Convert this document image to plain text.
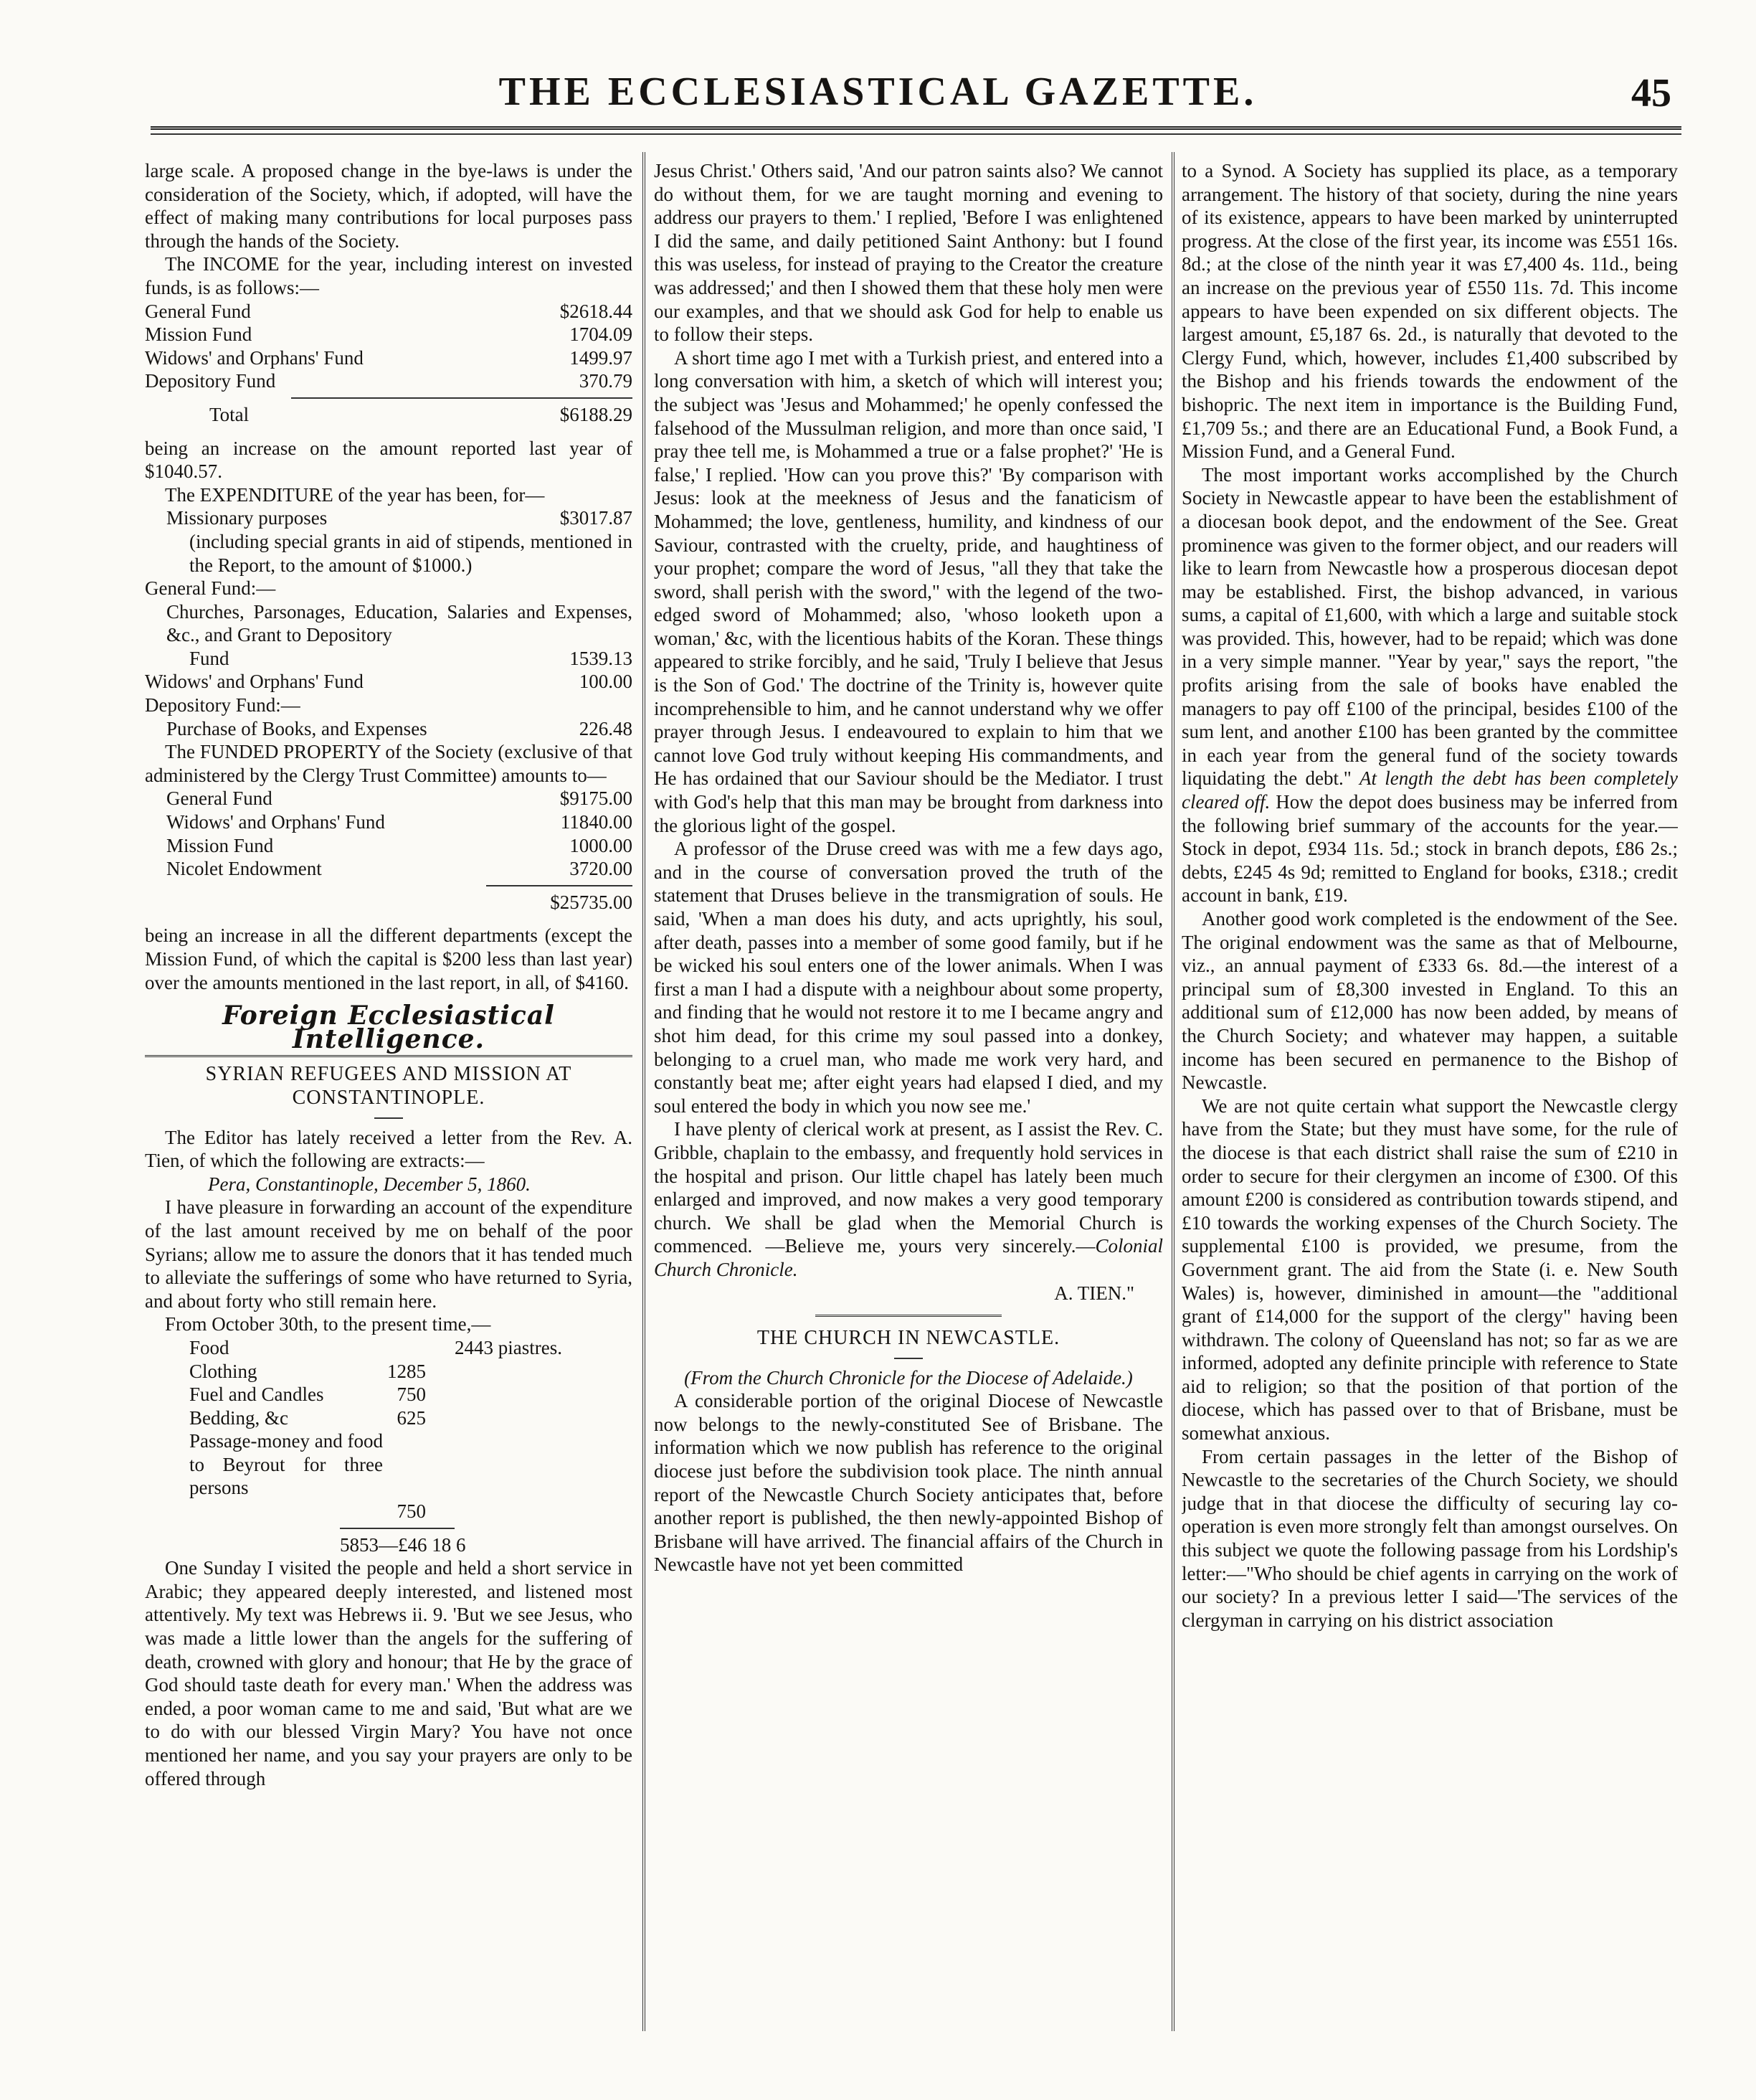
THE ECCLESIASTICAL GAZETTE.	45

large scale. A proposed change in the bye-laws is under the consideration of the Society, which, if adopted, will have the effect of making many contributions for local purposes pass through the hands of the Society.

The INCOME for the year, including interest on invested funds, is as follows:—

General Fund	$2618.44
Mission Fund	1704.09
Widows' and Orphans' Fund	1499.97
Depository Fund	370.79
Total	$6188.29

being an increase on the amount reported last year of $1040.57.

The EXPENDITURE of the year has been, for—

Missionary purposes	$3017.87
(including special grants in aid of stipends, mentioned in the Report, to the amount of $1000.)
General Fund:—
Churches, Parsonages, Education, Salaries and Expenses, &c., and Grant to Depository
Fund	1539.13
Widows' and Orphans' Fund	100.00
Depository Fund:—
Purchase of Books, and Expenses	226.48

The FUNDED PROPERTY of the Society (exclusive of that administered by the Clergy Trust Committee) amounts to—

General Fund	$9175.00
Widows' and Orphans' Fund	11840.00
Mission Fund	1000.00
Nicolet Endowment	3720.00
$25735.00

being an increase in all the different departments (except the Mission Fund, of which the capital is $200 less than last year) over the amounts mentioned in the last report, in all, of $4160.

Foreign Ecclesiastical Intelligence.
SYRIAN REFUGEES AND MISSION AT CONSTANTINOPLE.

The Editor has lately received a letter from the Rev. A. Tien, of which the following are extracts:—

Pera, Constantinople, December 5, 1860.

I have pleasure in forwarding an account of the expenditure of the last amount received by me on behalf of the poor Syrians; allow me to assure the donors that it has tended much to alleviate the sufferings of some who have returned to Syria, and about forty who still remain here.

From October 30th, to the present time,—

Food	2443 piastres.
Clothing	1285
Fuel and Candles	750
Bedding, &c	625
Passage-money and food to Beyrout for three persons
750
5853—£46 18 6

One Sunday I visited the people and held a short service in Arabic; they appeared deeply interested, and listened most attentively. My text was Hebrews ii. 9. 'But we see Jesus, who was made a little lower than the angels for the suffering of death, crowned with glory and honour; that He by the grace of God should taste death for every man.' When the address was ended, a poor woman came to me and said, 'But what are we to do with our blessed Virgin Mary? You have not once mentioned her name, and you say your prayers are only to be offered through

Jesus Christ.' Others said, 'And our patron saints also? We cannot do without them, for we are taught morning and evening to address our prayers to them.' I replied, 'Before I was enlightened I did the same, and daily petitioned Saint Anthony: but I found this was useless, for instead of praying to the Creator the creature was addressed;' and then I showed them that these holy men were our examples, and that we should ask God for help to enable us to follow their steps.

A short time ago I met with a Turkish priest, and entered into a long conversation with him, a sketch of which will interest you; the subject was 'Jesus and Mohammed;' he openly confessed the falsehood of the Mussulman religion, and more than once said, 'I pray thee tell me, is Mohammed a true or a false prophet?' 'He is false,' I replied. 'How can you prove this?' 'By comparison with Jesus: look at the meekness of Jesus and the fanaticism of Mohammed; the love, gentleness, humility, and kindness of our Saviour, contrasted with the cruelty, pride, and haughtiness of your prophet; compare the word of Jesus, "all they that take the sword, shall perish with the sword," with the legend of the two-edged sword of Mohammed; also, 'whoso looketh upon a woman,' &c, with the licentious habits of the Koran. These things appeared to strike forcibly, and he said, 'Truly I believe that Jesus is the Son of God.' The doctrine of the Trinity is, however quite incomprehensible to him, and he cannot understand why we offer prayer through Jesus. I endeavoured to explain to him that we cannot love God truly without keeping His commandments, and He has ordained that our Saviour should be the Mediator. I trust with God's help that this man may be brought from darkness into the glorious light of the gospel.

A professor of the Druse creed was with me a few days ago, and in the course of conversation proved the truth of the statement that Druses believe in the transmigration of souls. He said, 'When a man does his duty, and acts uprightly, his soul, after death, passes into a member of some good family, but if he be wicked his soul enters one of the lower animals. When I was first a man I had a dispute with a neighbour about some property, and finding that he would not restore it to me I became angry and shot him dead, for this crime my soul passed into a donkey, belonging to a cruel man, who made me work very hard, and constantly beat me; after eight years had elapsed I died, and my soul entered the body in which you now see me.'

I have plenty of clerical work at present, as I assist the Rev. C. Gribble, chaplain to the embassy, and frequently hold services in the hospital and prison. Our little chapel has lately been much enlarged and improved, and now makes a very good temporary church. We shall be glad when the Memorial Church is commenced. —Believe me, yours very sincerely.—Colonial Church Chronicle.

A. TIEN."
THE CHURCH IN NEWCASTLE.

(From the Church Chronicle for the Diocese of Adelaide.)

A considerable portion of the original Diocese of Newcastle now belongs to the newly-constituted See of Brisbane. The information which we now publish has reference to the original diocese just before the subdivision took place. The ninth annual report of the Newcastle Church Society anticipates that, before another report is published, the then newly-appointed Bishop of Brisbane will have arrived. The financial affairs of the Church in Newcastle have not yet been committed

to a Synod. A Society has supplied its place, as a temporary arrangement. The history of that society, during the nine years of its existence, appears to have been marked by uninterrupted progress. At the close of the first year, its income was £551 16s. 8d.; at the close of the ninth year it was £7,400 4s. 11d., being an increase on the previous year of £550 11s. 7d. This income appears to have been expended on six different objects. The largest amount, £5,187 6s. 2d., is naturally that devoted to the Clergy Fund, which, however, includes £1,400 subscribed by the Bishop and his friends towards the endowment of the bishopric. The next item in importance is the Building Fund, £1,709 5s.; and there are an Educational Fund, a Book Fund, a Mission Fund, and a General Fund.

The most important works accomplished by the Church Society in Newcastle appear to have been the establishment of a diocesan book depot, and the endowment of the See. Great prominence was given to the former object, and our readers will like to learn from Newcastle how a prosperous diocesan depot may be established. First, the bishop advanced, in various sums, a capital of £1,600, with which a large and suitable stock was provided. This, however, had to be repaid; which was done in a very simple manner. "Year by year," says the report, "the profits arising from the sale of books have enabled the managers to pay off £100 of the principal, besides £100 of the sum lent, and another £100 has been granted by the committee in each year from the general fund of the society towards liquidating the debt." At length the debt has been completely cleared off. How the depot does business may be inferred from the following brief summary of the accounts for the year.—Stock in depot, £934 11s. 5d.; stock in branch depots, £86 2s.; debts, £245 4s 9d; remitted to England for books, £318.; credit account in bank, £19.

Another good work completed is the endowment of the See. The original endowment was the same as that of Melbourne, viz., an annual payment of £333 6s. 8d.—the interest of a principal sum of £8,300 invested in England. To this an additional sum of £12,000 has now been added, by means of the Church Society; and whatever may happen, a suitable income has been secured en permanence to the Bishop of Newcastle.

We are not quite certain what support the Newcastle clergy have from the State; but they must have some, for the rule of the diocese is that each district shall raise the sum of £210 in order to secure for their clergymen an income of £300. Of this amount £200 is considered as contribution towards stipend, and £10 towards the working expenses of the Church Society. The supplemental £100 is provided, we presume, from the Government grant. The aid from the State (i. e. New South Wales) is, however, diminished in amount—the "additional grant of £14,000 for the support of the clergy" having been withdrawn. The colony of Queensland has not; so far as we are informed, adopted any definite principle with reference to State aid to religion; so that the position of that portion of the diocese, which has passed over to that of Brisbane, must be somewhat anxious.

From certain passages in the letter of the Bishop of Newcastle to the secretaries of the Church Society, we should judge that in that diocese the difficulty of securing lay co-operation is even more strongly felt than amongst ourselves. On this subject we quote the following passage from his Lordship's letter:—"Who should be chief agents in carrying on the work of our society? In a previous letter I said—'The services of the clergyman in carrying on his district association
